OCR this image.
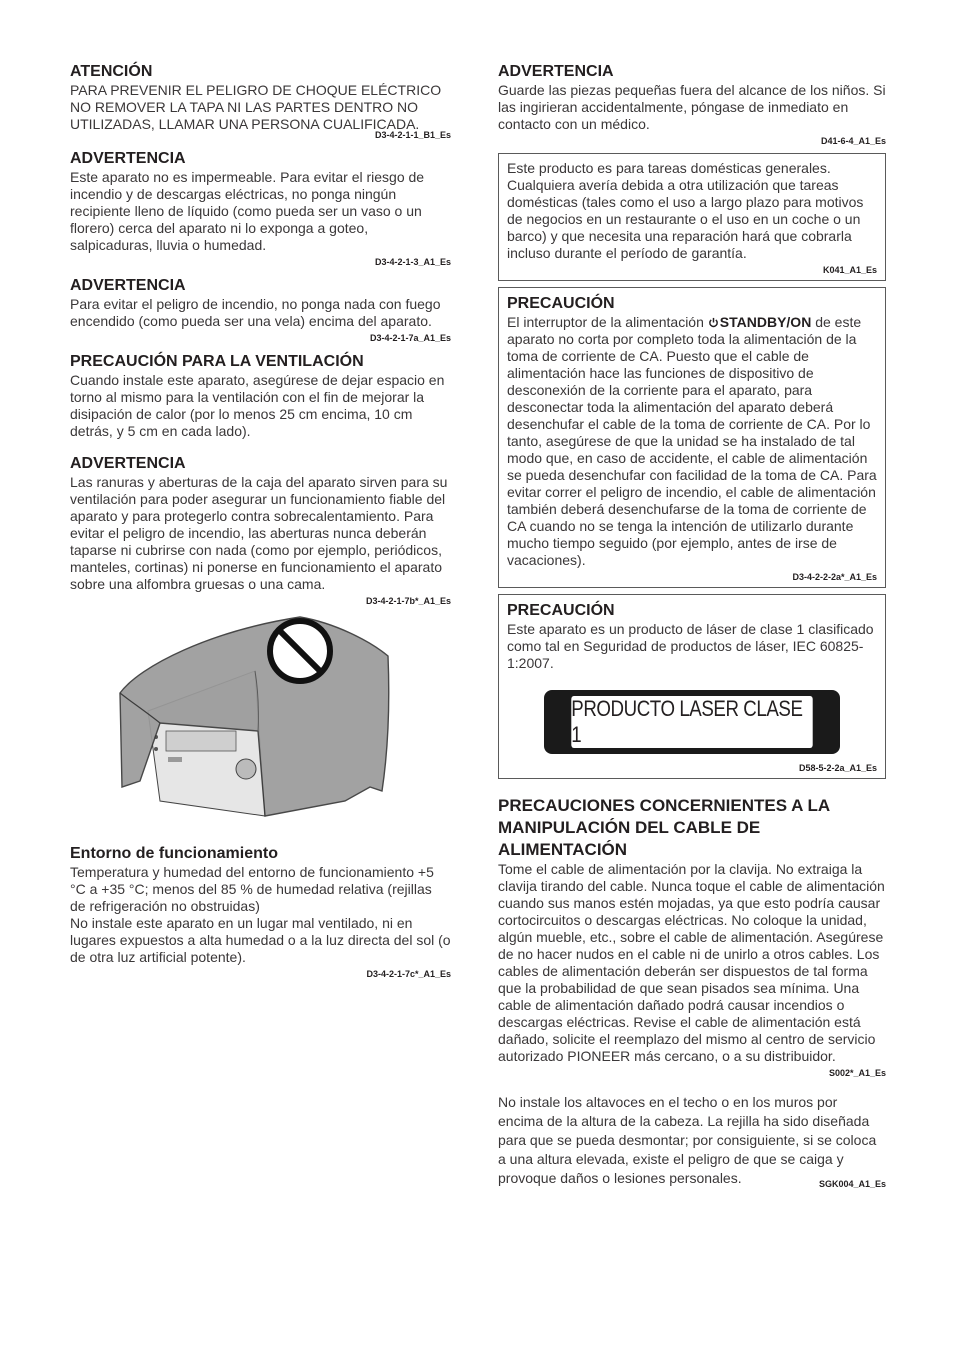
ATENCIÓN

PARA PREVENIR EL PELIGRO DE CHOQUE ELÉCTRICO NO REMOVER LA TAPA NI LAS PARTES DENTRO NO UTILIZADAS, LLAMAR UNA PERSONA CUALIFICADA.

D3-4-2-1-1_B1_Es
ADVERTENCIA

Este aparato no es impermeable. Para evitar el riesgo de incendio y de descargas eléctricas, no ponga ningún recipiente lleno de líquido (como pueda ser un vaso o un florero) cerca del aparato ni lo exponga a goteo, salpicaduras, lluvia o humedad.

D3-4-2-1-3_A1_Es
ADVERTENCIA

Para evitar el peligro de incendio, no ponga nada con fuego encendido (como pueda ser una vela) encima del aparato.

D3-4-2-1-7a_A1_Es
PRECAUCIÓN PARA LA VENTILACIÓN

Cuando instale este aparato, asegúrese de dejar espacio en torno al mismo para la ventilación con el fin de mejorar la disipación de calor (por lo menos 25 cm encima, 10 cm detrás, y 5 cm en cada lado).

ADVERTENCIA

Las ranuras y aberturas de la caja del aparato sirven para su ventilación para poder asegurar un funcionamiento fiable del aparato y para protegerlo contra sobrecalentamiento. Para evitar el peligro de incendio, las aberturas nunca deberán taparse ni cubrirse con nada (como por ejemplo, periódicos, manteles, cortinas) ni ponerse en funcionamiento el aparato sobre una alfombra gruesas o una cama.

D3-4-2-1-7b*_A1_Es
Entorno de funcionamiento

Temperatura y humedad del entorno de funcionamiento +5 °C a +35 °C; menos del 85 % de humedad relativa (rejillas de refrigeración no obstruidas)

No instale este aparato en un lugar mal ventilado, ni en lugares expuestos a alta humedad o a la luz directa del sol (o de otra luz artificial potente).

D3-4-2-1-7c*_A1_Es
ADVERTENCIA

Guarde las piezas pequeñas fuera del alcance de los niños. Si las ingirieran accidentalmente, póngase de inmediato en contacto con un médico.

D41-6-4_A1_Es

Este producto es para tareas domésticas generales. Cualquiera avería debida a otra utilización que tareas domésticas (tales como el uso a largo plazo para motivos de negocios en un restaurante o el uso en un coche o un barco) y que necesita una reparación hará que cobrarla incluso durante el período de garantía.

K041_A1_Es
PRECAUCIÓN

El interruptor de la alimentación STANDBY/ON de este aparato no corta por completo toda la alimentación de la toma de corriente de CA. Puesto que el cable de alimentación hace las funciones de dispositivo de desconexión de la corriente para el aparato, para desconectar toda la alimentación del aparato deberá desenchufar el cable de la toma de corriente de CA. Por lo tanto, asegúrese de que la unidad se ha instalado de tal modo que, en caso de accidente, el cable de alimentación se pueda desenchufar con facilidad de la toma de CA. Para evitar correr el peligro de incendio, el cable de alimentación también deberá desenchufarse de la toma de corriente de CA cuando no se tenga la intención de utilizarlo durante mucho tiempo seguido (por ejemplo, antes de irse de vacaciones).

D3-4-2-2-2a*_A1_Es
PRECAUCIÓN

Este aparato es un producto de láser de clase 1 clasificado como tal en Seguridad de productos de láser, IEC 60825-1:2007.

PRODUCTO LASER CLASE 1
D58-5-2-2a_A1_Es
PRECAUCIONES CONCERNIENTES A LA MANIPULACIÓN DEL CABLE DE ALIMENTACIÓN

Tome el cable de alimentación por la clavija. No extraiga la clavija tirando del cable. Nunca toque el cable de alimentación cuando sus manos estén mojadas, ya que esto podría causar cortocircuitos o descargas eléctricas. No coloque la unidad, algún mueble, etc., sobre el cable de alimentación. Asegúrese de no hacer nudos en el cable ni de unirlo a otros cables. Los cables de alimentación deberán ser dispuestos de tal forma que la probabilidad de que sean pisados sea mínima. Una cable de alimentación dañado podrá causar incendios o descargas eléctricas. Revise el cable de alimentación está dañado, solicite el reemplazo del mismo al centro de servicio autorizado PIONEER más cercano, o a su distribuidor.

S002*_A1_Es

No instale los altavoces en el techo o en los muros por encima de la altura de la cabeza. La rejilla ha sido diseñada para que se pueda desmontar; por consiguiente, si se coloca a una altura elevada, existe el peligro de que se caiga y provoque daños o lesiones personales.	SGK004_A1_Es
